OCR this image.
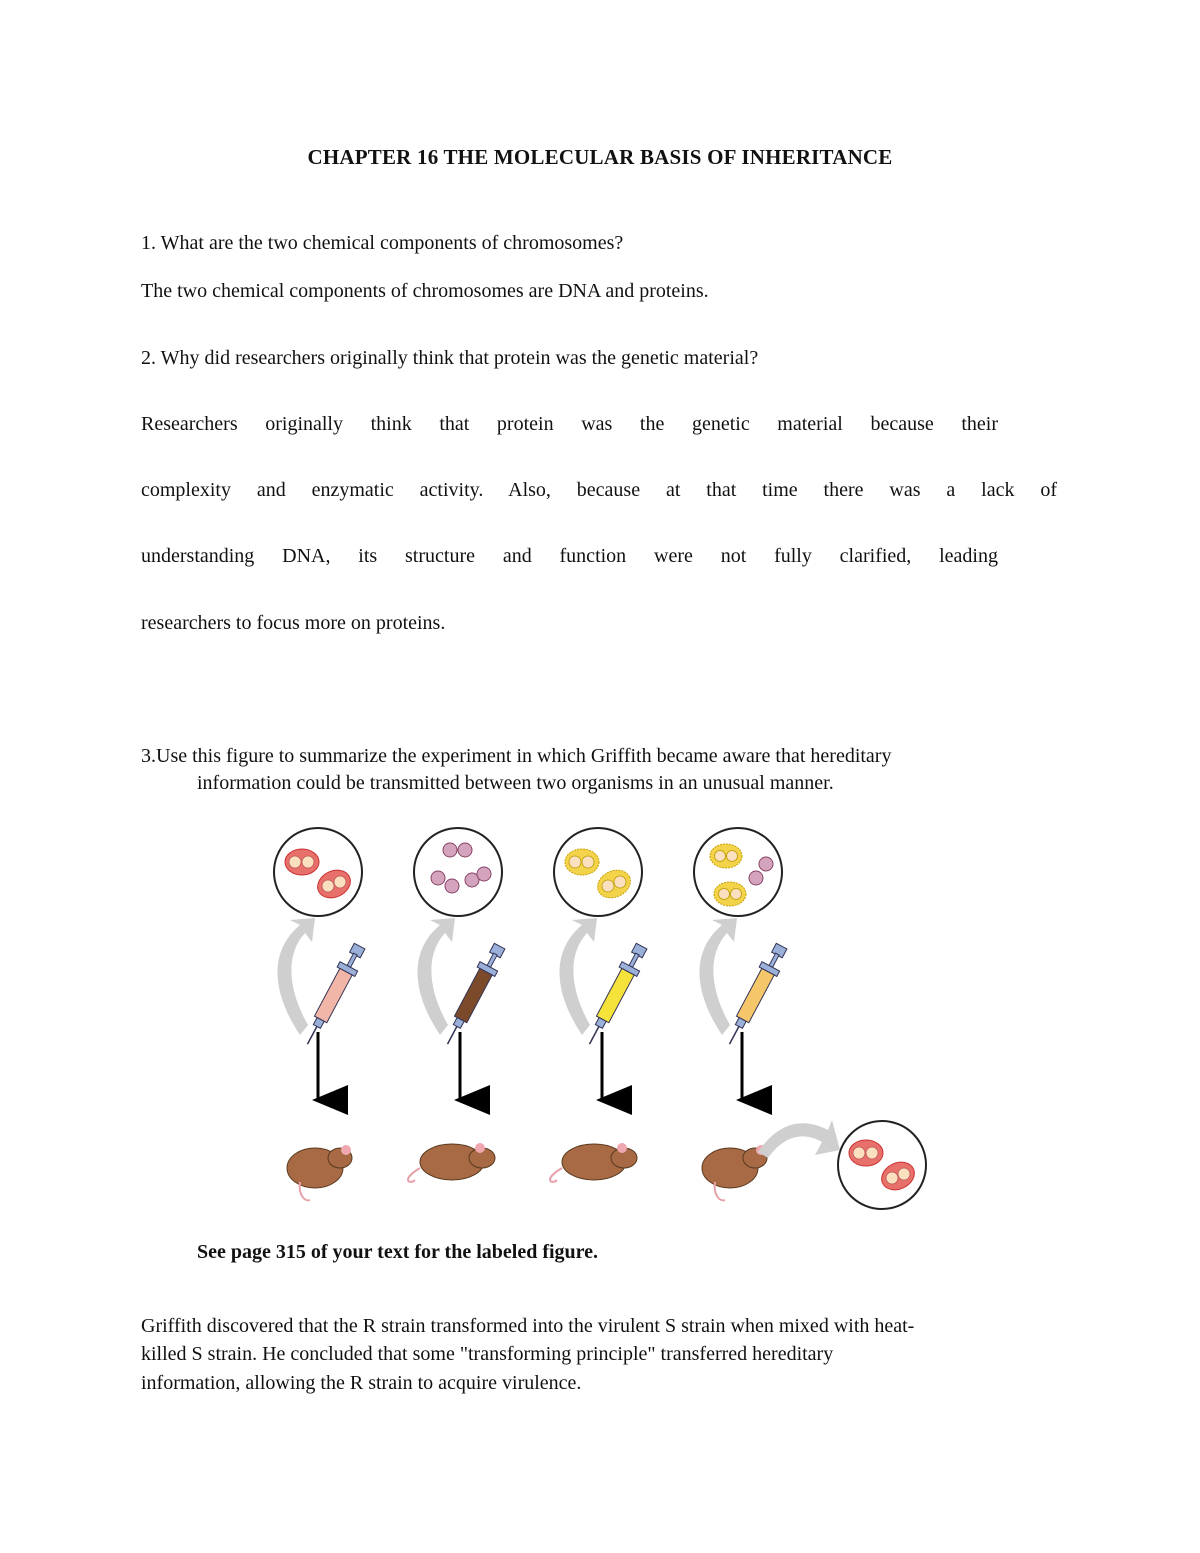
CHAPTER 16 THE MOLECULAR BASIS OF INHERITANCE
1. What are the two chemical components of chromosomes?
The two chemical components of chromosomes are DNA and proteins.
2. Why did researchers originally think that protein was the genetic material?
Researchers originally think that protein was the genetic material because their
complexity and enzymatic activity. Also, because at that time there was a lack of
understanding DNA, its structure and function were not fully clarified, leading
researchers to focus more on proteins.
3.Use this figure to summarize the experiment in which Griffith became aware that hereditary
information could be transmitted between two organisms in an unusual manner.
See page 315 of your text for the labeled figure.
Griffith discovered that the R strain transformed into the virulent S strain when mixed with heat-
killed S strain. He concluded that some "transforming principle" transferred hereditary
information, allowing the R strain to acquire virulence.
